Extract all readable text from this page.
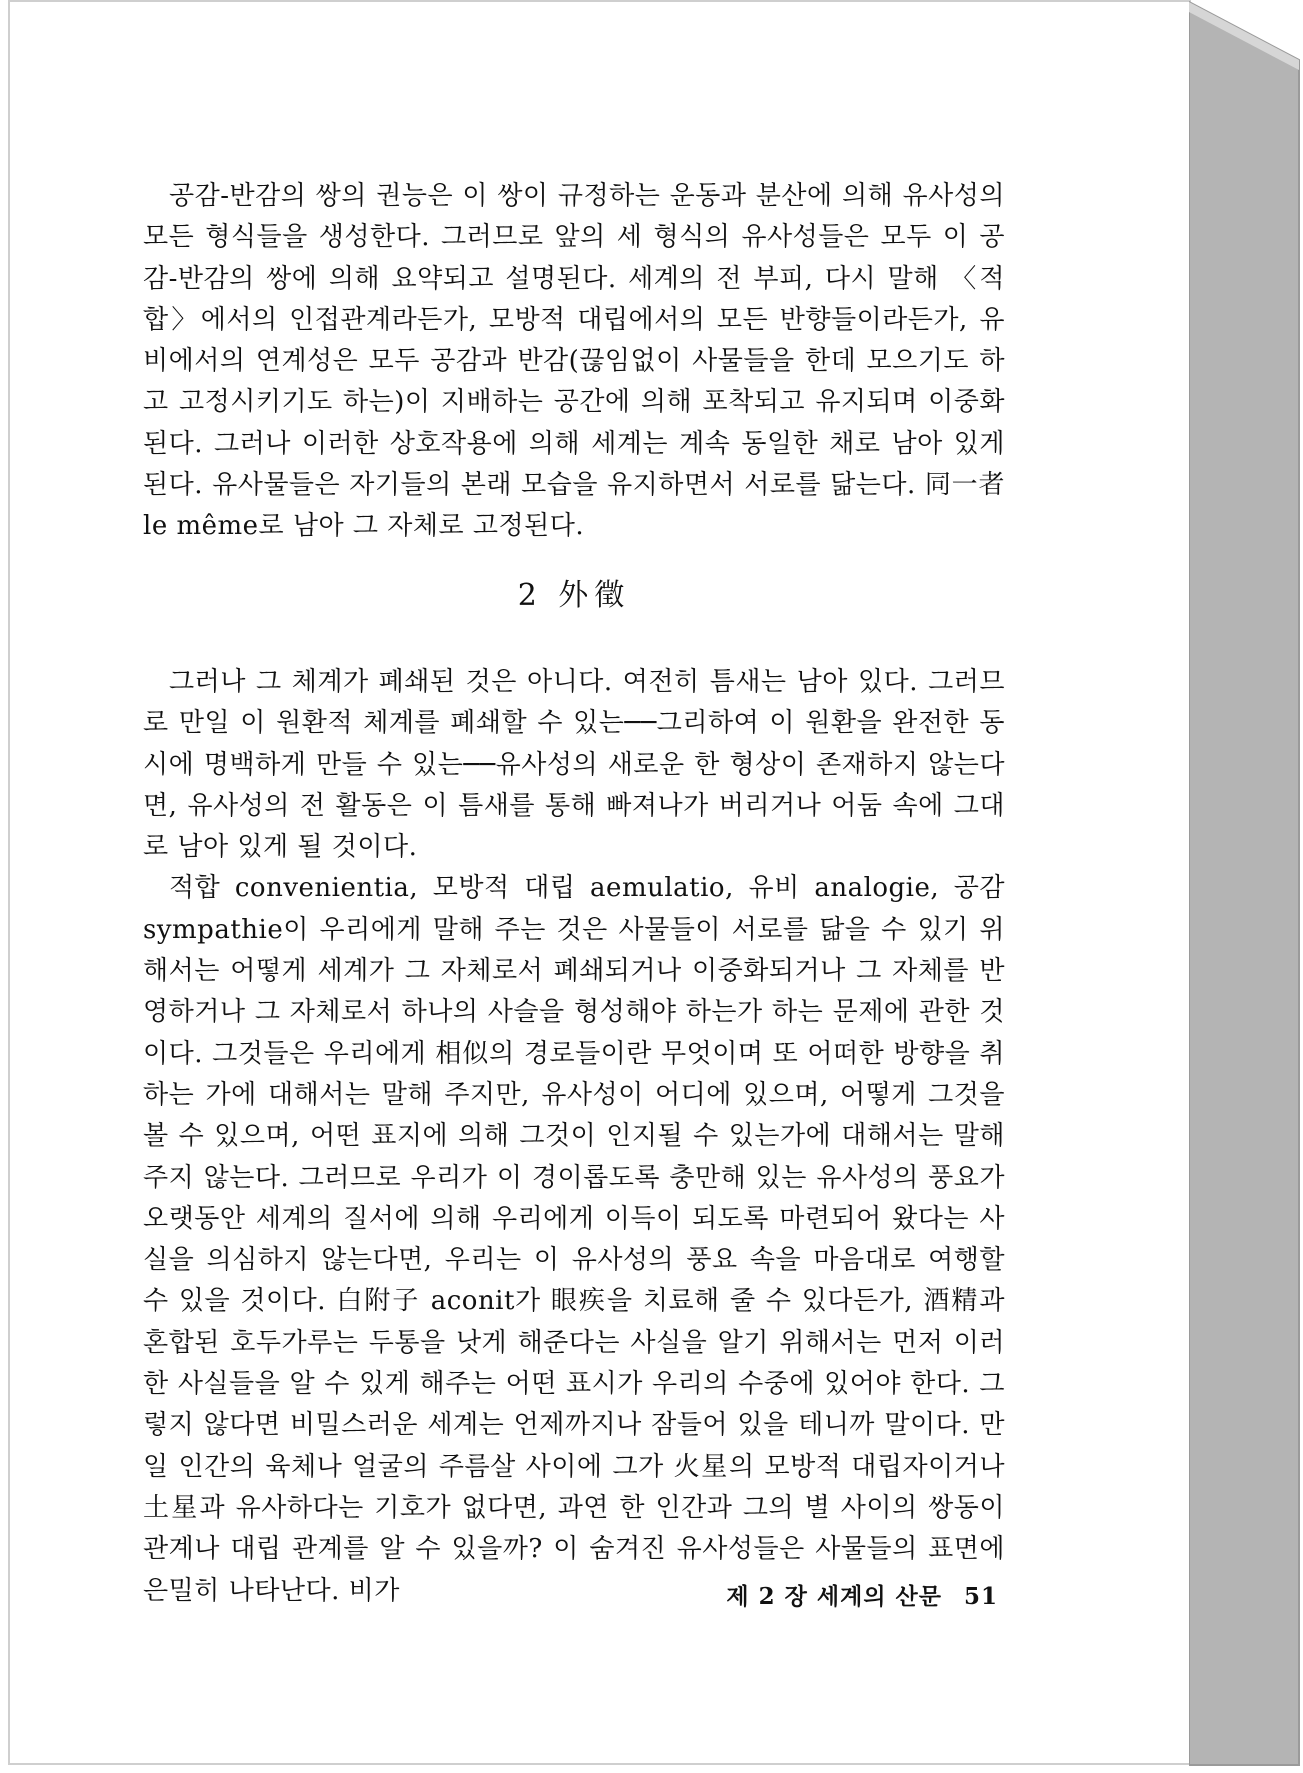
공감-반감의 쌍의 권능은 이 쌍이 규정하는 운동과 분산에 의해 유사성의 모든 형식들을 생성한다. 그러므로 앞의 세 형식의 유사성들은 모두 이 공감-반감의 쌍에 의해 요약되고 설명된다. 세계의 전 부피, 다시 말해 〈적합〉에서의 인접관계라든가, 모방적 대립에서의 모든 반향들이라든가, 유비에서의 연계성은 모두 공감과 반감(끊임없이 사물들을 한데 모으기도 하고 고정시키기도 하는)이 지배하는 공간에 의해 포착되고 유지되며 이중화된다. 그러나 이러한 상호작용에 의해 세계는 계속 동일한 채로 남아 있게 된다. 유사물들은 자기들의 본래 모습을 유지하면서 서로를 닮는다. 同一者 le même로 남아 그 자체로 고정된다.

2 外徵

그러나 그 체계가 폐쇄된 것은 아니다. 여전히 틈새는 남아 있다. 그러므로 만일 이 원환적 체계를 폐쇄할 수 있는──그리하여 이 원환을 완전한 동시에 명백하게 만들 수 있는──유사성의 새로운 한 형상이 존재하지 않는다면, 유사성의 전 활동은 이 틈새를 통해 빠져나가 버리거나 어둠 속에 그대로 남아 있게 될 것이다.

적합 convenientia, 모방적 대립 aemulatio, 유비 analogie, 공감 sympathie이 우리에게 말해 주는 것은 사물들이 서로를 닮을 수 있기 위해서는 어떻게 세계가 그 자체로서 폐쇄되거나 이중화되거나 그 자체를 반영하거나 그 자체로서 하나의 사슬을 형성해야 하는가 하는 문제에 관한 것이다. 그것들은 우리에게 相似의 경로들이란 무엇이며 또 어떠한 방향을 취하는 가에 대해서는 말해 주지만, 유사성이 어디에 있으며, 어떻게 그것을 볼 수 있으며, 어떤 표지에 의해 그것이 인지될 수 있는가에 대해서는 말해 주지 않는다. 그러므로 우리가 이 경이롭도록 충만해 있는 유사성의 풍요가 오랫동안 세계의 질서에 의해 우리에게 이득이 되도록 마련되어 왔다는 사실을 의심하지 않는다면, 우리는 이 유사성의 풍요 속을 마음대로 여행할 수 있을 것이다. 白附子 aconit가 眼疾을 치료해 줄 수 있다든가, 酒精과 혼합된 호두가루는 두통을 낫게 해준다는 사실을 알기 위해서는 먼저 이러한 사실들을 알 수 있게 해주는 어떤 표시가 우리의 수중에 있어야 한다. 그렇지 않다면 비밀스러운 세계는 언제까지나 잠들어 있을 테니까 말이다. 만일 인간의 육체나 얼굴의 주름살 사이에 그가 火星의 모방적 대립자이거나 土星과 유사하다는 기호가 없다면, 과연 한 인간과 그의 별 사이의 쌍동이 관계나 대립 관계를 알 수 있을까? 이 숨겨진 유사성들은 사물들의 표면에 은밀히 나타난다. 비가	제 2 장 세계의 산문 51
